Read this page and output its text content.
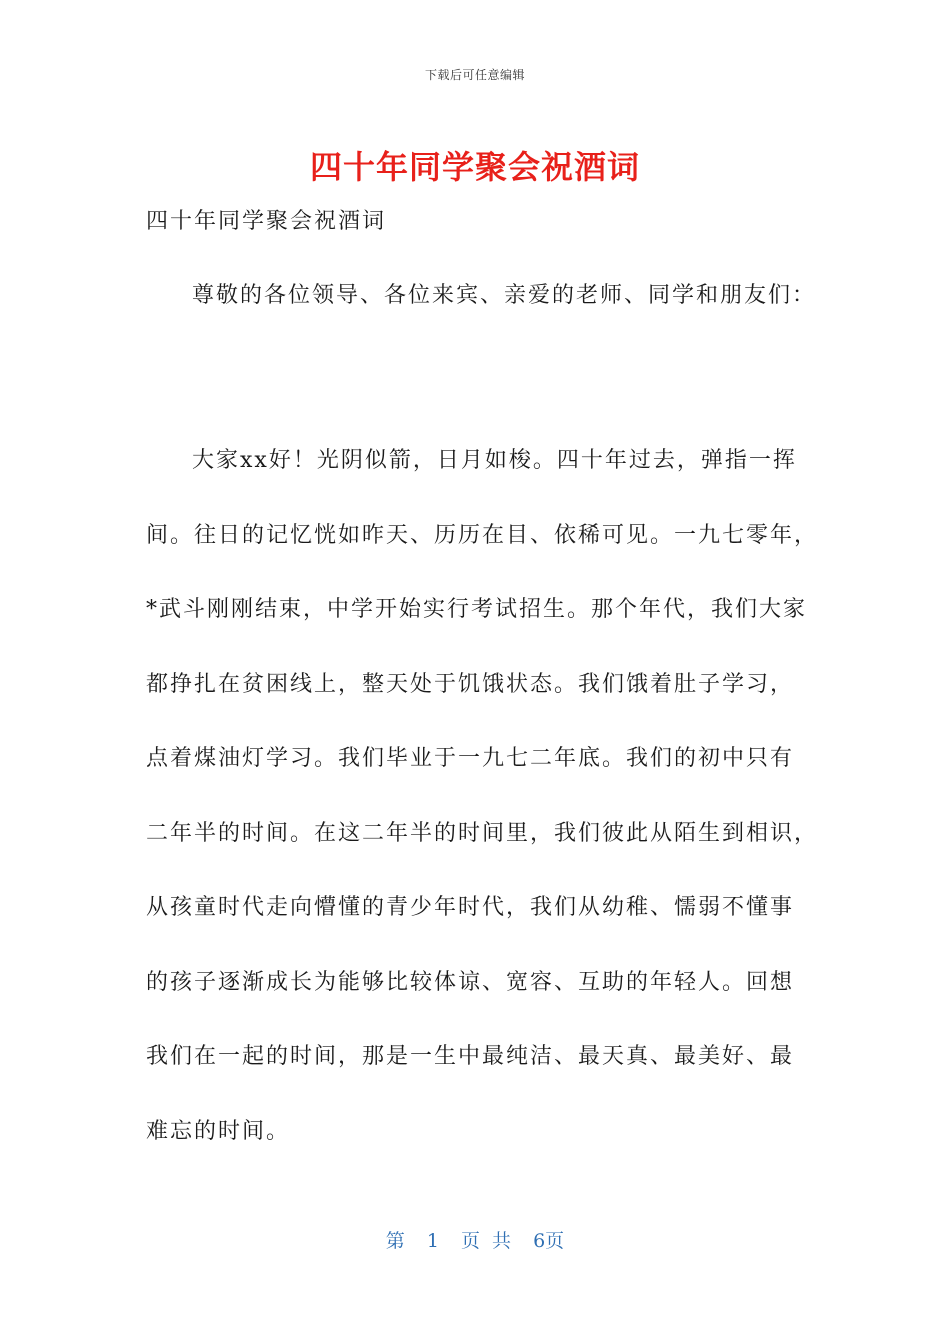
下载后可任意编辑
四十年同学聚会祝酒词
四十年同学聚会祝酒词
尊敬的各位领导、各位来宾、亲爱的老师、同学和朋友们：
大家xx好！光阴似箭，日月如梭。四十年过去，弹指一挥
间。往日的记忆恍如昨天、历历在目、依稀可见。一九七零年，
*武斗刚刚结束，中学开始实行考试招生。那个年代，我们大家
都挣扎在贫困线上，整天处于饥饿状态。我们饿着肚子学习，
点着煤油灯学习。我们毕业于一九七二年底。我们的初中只有
二年半的时间。在这二年半的时间里，我们彼此从陌生到相识，
从孩童时代走向懵懂的青少年时代，我们从幼稚、懦弱不懂事
的孩子逐渐成长为能够比较体谅、宽容、互助的年轻人。回想
我们在一起的时间，那是一生中最纯洁、最天真、最美好、最
难忘的时间。
第 1 页 共 6页
